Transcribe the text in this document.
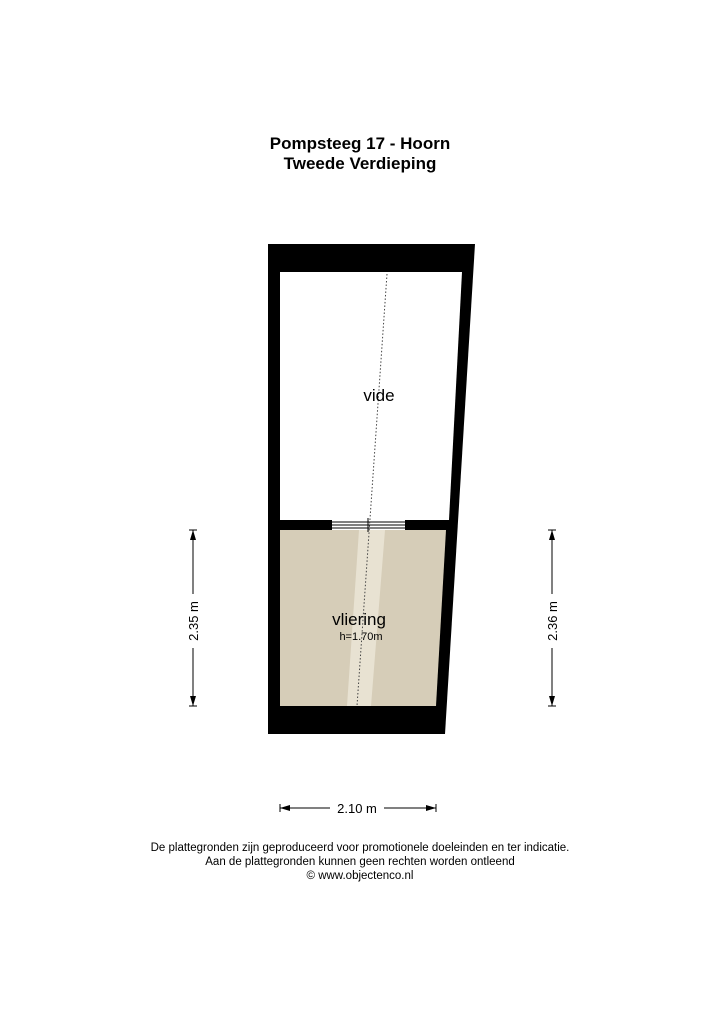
Pompsteeg 17 - Hoorn
Tweede Verdieping
vide
vliering
h=1.70m
2.35 m	2.36 m
2.10 m
De plattegronden zijn geproduceerd voor promotionele doeleinden en ter indicatie.
Aan de plattegronden kunnen geen rechten worden ontleend
© www.objectenco.nl
